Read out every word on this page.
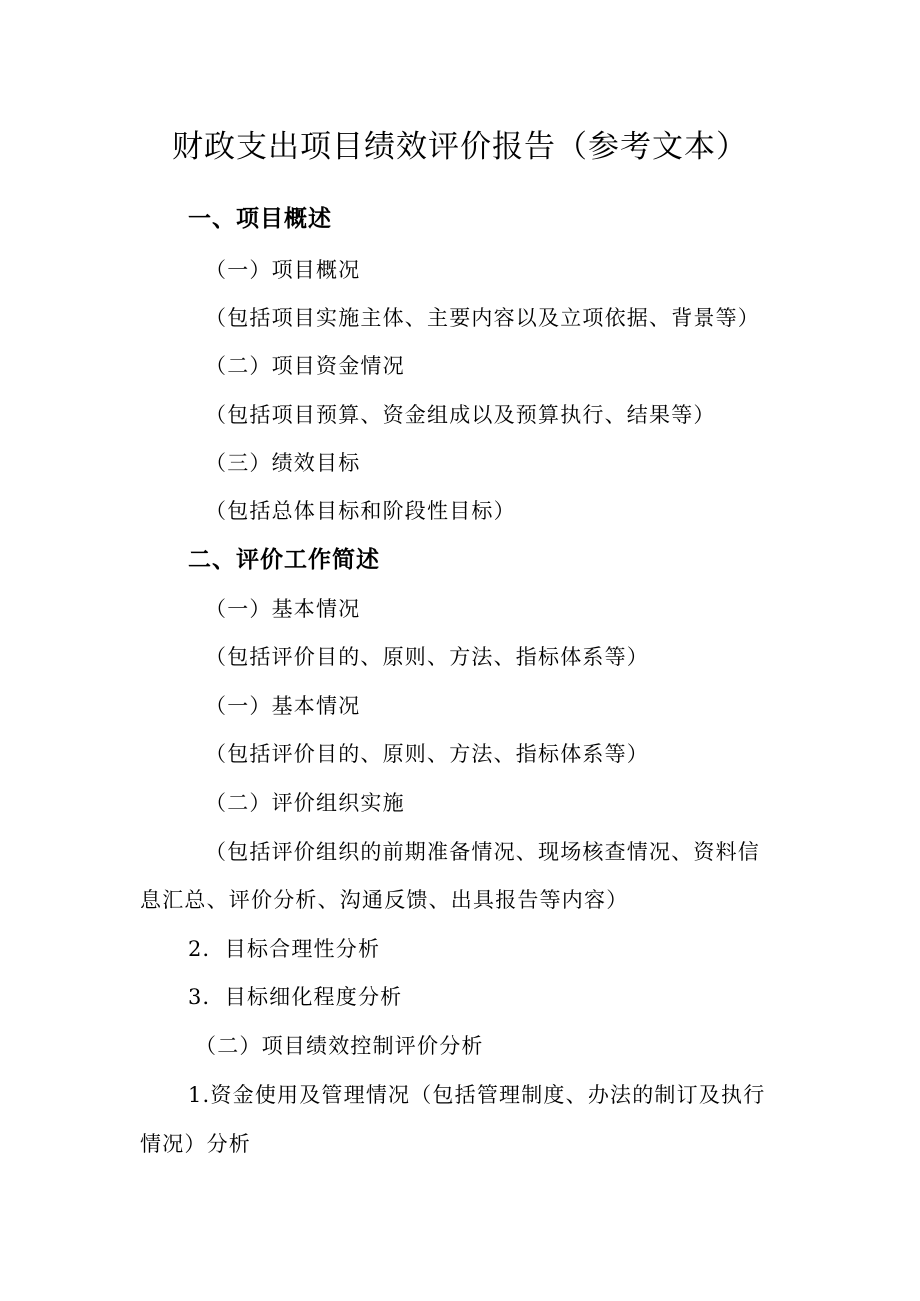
财政支出项目绩效评价报告（参考文本）
一、项目概述
（一）项目概况
（包括项目实施主体、主要内容以及立项依据、背景等）
（二）项目资金情况
（包括项目预算、资金组成以及预算执行、结果等）
（三）绩效目标
（包括总体目标和阶段性目标）
二、评价工作简述
（一）基本情况
（包括评价目的、原则、方法、指标体系等）
（一）基本情况
（包括评价目的、原则、方法、指标体系等）
（二）评价组织实施
（包括评价组织的前期准备情况、现场核查情况、资料信
息汇总、评价分析、沟通反馈、出具报告等内容）
2．目标合理性分析
3．目标细化程度分析
（二）项目绩效控制评价分析
1.资金使用及管理情况（包括管理制度、办法的制订及执行
情况）分析
